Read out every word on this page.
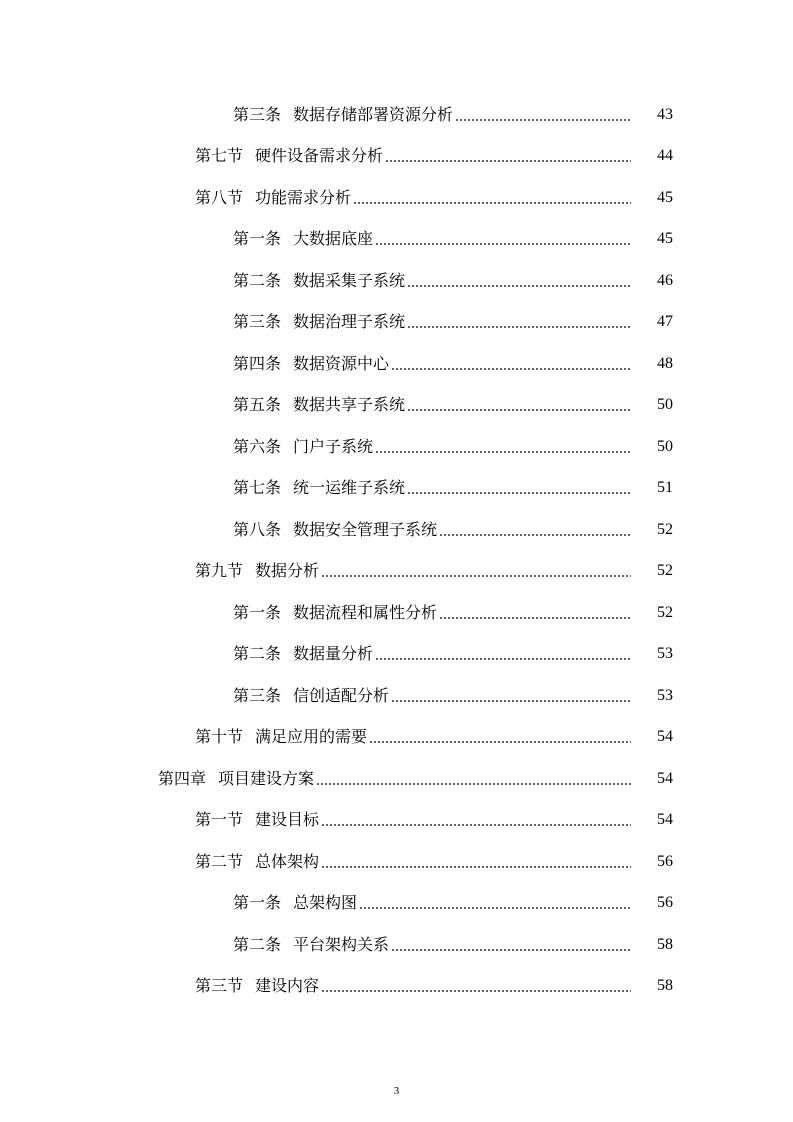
第三条 数据存储部署资源分析	43
第七节 硬件设备需求分析	44
第八节 功能需求分析	45
第一条 大数据底座	45
第二条 数据采集子系统	46
第三条 数据治理子系统	47
第四条 数据资源中心	48
第五条 数据共享子系统	50
第六条 门户子系统	50
第七条 统一运维子系统	51
第八条 数据安全管理子系统	52
第九节 数据分析	52
第一条 数据流程和属性分析	52
第二条 数据量分析	53
第三条 信创适配分析	53
第十节 满足应用的需要	54
第四章 项目建设方案	54
第一节 建设目标	54
第二节 总体架构	56
第一条 总架构图	56
第二条 平台架构关系	58
第三节 建设内容	58
3
